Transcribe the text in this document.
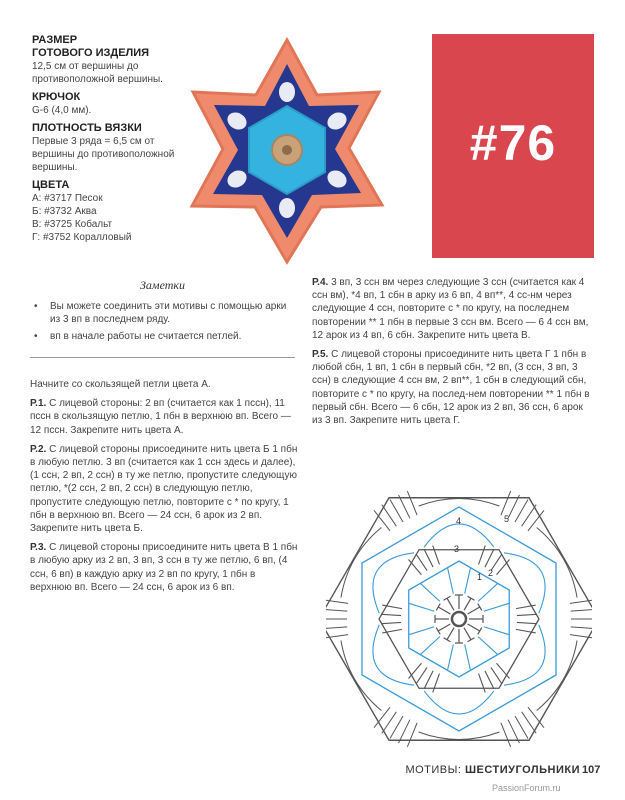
РАЗМЕР
ГОТОВОГО ИЗДЕЛИЯ
12,5 см от вершины до противоположной вершины.
КРЮЧОК
G-6 (4,0 мм).
ПЛОТНОСТЬ ВЯЗКИ
Первые 3 ряда = 6,5 см от вершины до противоположной вершины.
ЦВЕТА
А: #3717 Песок
Б: #3732 Аква
В: #3725 Кобальт
Г: #3752 Коралловый
#76
Заметки
• Вы можете соединить эти мотивы с помощью арки из 3 вп в последнем ряду.
• вп в начале работы не считается петлей.

Начните со скользящей петли цвета А.

Р.1. С лицевой стороны: 2 вп (считается как 1 пссн), 11 пссн в скользящую петлю, 1 пбн в верхнюю вп. Всего —12 пссн. Закрепите нить цвета А.

Р.2. С лицевой стороны присоедините нить цвета Б 1 пбн в любую петлю. 3 вп (считается как 1 ссн здесь и далее), (1 ссн, 2 вп, 2 ссн) в ту же петлю, пропустите следующую петлю, *(2 ссн, 2 вп, 2 ссн) в следующую петлю, пропустите следующую петлю, повторите с * по кругу, 1 пбн в верхнюю вп. Всего — 24 ссн, 6 арок из 2 вп. Закрепите нить цвета Б.

Р.3. С лицевой стороны присоедините нить цвета В 1 пбн в любую арку из 2 вп, 3 вп, 3 ссн в ту же петлю, 6 вп, (4 ссн, 6 вп) в каждую арку из 2 вп по кругу, 1 пбн в верхнюю вп. Всего — 24 ссн, 6 арок из 6 вп.

Р.4. 3 вп, 3 ссн вм через следующие 3 ссн (считается как 4 ссн вм), *4 вп, 1 сбн в арку из 6 вп, 4 вп**, 4 сс-нм через следующие 4 ссн, повторите с * по кругу, на последнем повторении ** 1 пбн в первые 3 ссн вм. Всего — 6 4 ссн вм, 12 арок из 4 вп, 6 сбн. Закрепите нить цвета В.

Р.5. С лицевой стороны присоедините нить цвета Г 1 пбн в любой сбн, 1 вп, 1 сбн в первый сбн, *2 вп, (3 ссн, 3 вп, 3 ссн) в следующие 4 ссн вм, 2 вп**, 1 сбн в следующий сбн, повторите с * по кругу, на послед-нем повторении ** 1 пбн в первый сбн. Всего — 6 сбн, 12 арок из 2 вп, 36 ссн, 6 арок из 3 вп. Закрепите нить цвета Г.

1 2
3
4	5
МОТИВЫ: ШЕСТИУГОЛЬНИКИ 107
PassionForum.ru
